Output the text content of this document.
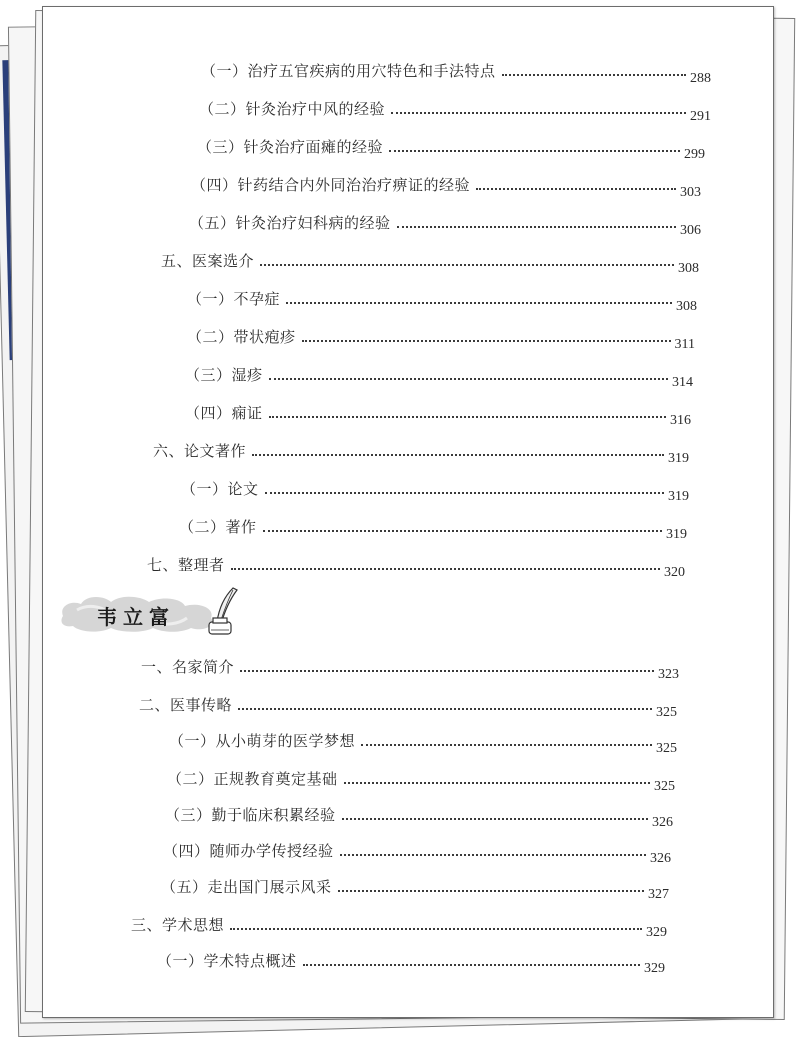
（一）治疗五官疾病的用穴特色和手法特点	288
（二）针灸治疗中风的经验	291
（三）针灸治疗面瘫的经验	299
（四）针药结合内外同治治疗痹证的经验	303
（五）针灸治疗妇科病的经验	306
五、医案选介	308
（一）不孕症	308
（二）带状疱疹	311
（三）湿疹	314
（四）痫证	316
六、论文著作	319
（一）论文	319
（二）著作	319
七、整理者	320
韦立富
一、名家简介	323
二、医事传略	325
（一）从小萌芽的医学梦想	325
（二）正规教育奠定基础	325
（三）勤于临床积累经验	326
（四）随师办学传授经验	326
（五）走出国门展示风采	327
三、学术思想	329
（一）学术特点概述	329
